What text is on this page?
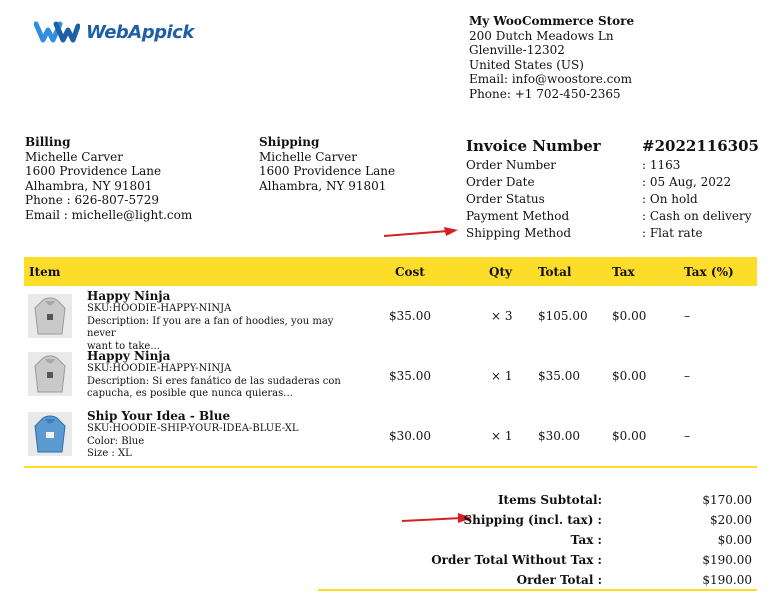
WebAppick
My WooCommerce Store
200 Dutch Meadows Ln
Glenville-12302
United States (US)
Email: info@woostore.com
Phone: +1 702-450-2365
Billing
Michelle Carver
1600 Providence Lane
Alhambra, NY 91801
Phone : 626-807-5729
Email : michelle@light.com
Shipping
Michelle Carver
1600 Providence Lane
Alhambra, NY 91801
Invoice Number	#2022116305
Order Number	: 1163
Order Date	: 05 Aug, 2022
Order Status	: On hold
Payment Method	: Cash on delivery
Shipping Method	: Flat rate
Item	Cost	Qty Total	Tax	Tax (%)
Happy Ninja
SKU:HOODIE-HAPPY-NINJA
Description: If you are a fan of hoodies, you may never
want to take...
$35.00	× 3 $105.00 $0.00	–
Happy Ninja
SKU:HOODIE-HAPPY-NINJA
Description: Si eres fanático de las sudaderas con
capucha, es posible que nunca quieras...
$35.00	× 1 $35.00	$0.00	–
Ship Your Idea - Blue
SKU:HOODIE-SHIP-YOUR-IDEA-BLUE-XL
Color: Blue
Size : XL
$30.00	× 1 $30.00	$0.00	–
Items Subtotal:	$170.00
Shipping (incl. tax) :	$20.00
Tax :	$0.00
Order Total Without Tax :	$190.00
Order Total :	$190.00
